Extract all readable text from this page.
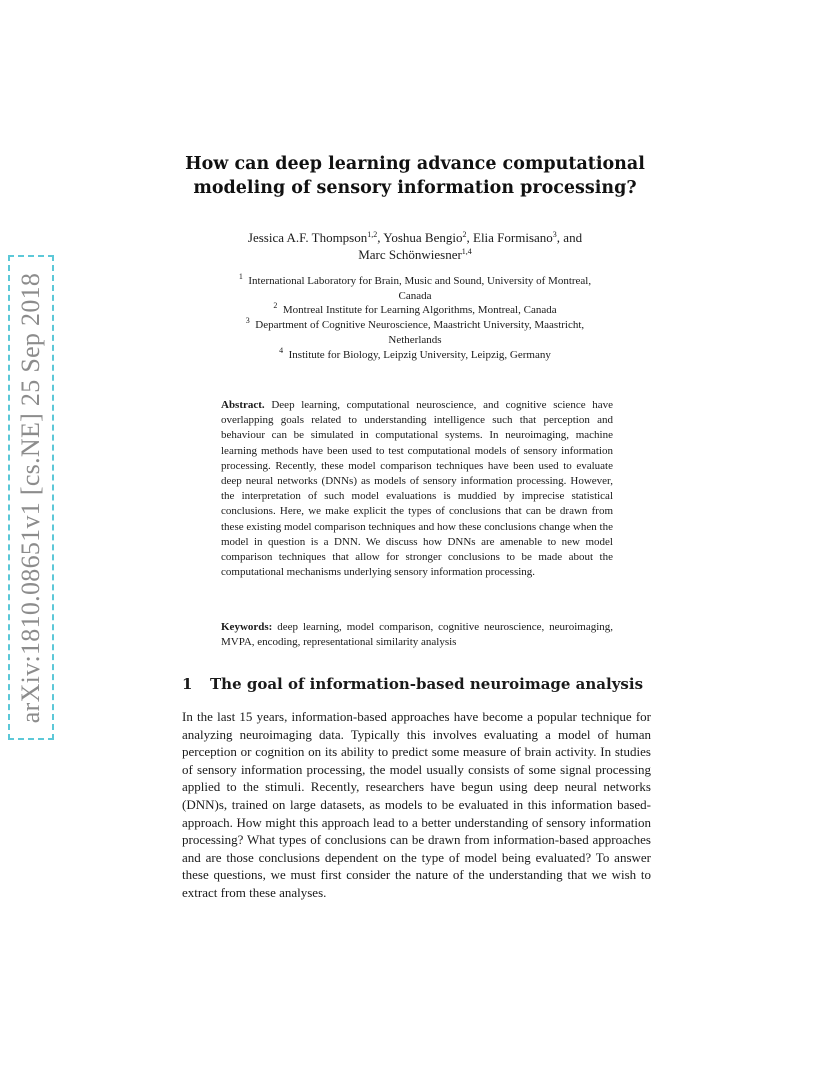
arXiv:1810.08651v1 [cs.NE] 25 Sep 2018
How can deep learning advance computational
modeling of sensory information processing?
Jessica A.F. Thompson$^{1,2}$, Yoshua Bengio$^2$, Elia Formisano$^3$, and
Marc Schönwiesner$^{1,4}$
$^1$ International Laboratory for Brain, Music and Sound, University of Montreal,
Canada
$^2$ Montreal Institute for Learning Algorithms, Montreal, Canada
$^3$ Department of Cognitive Neuroscience, Maastricht University, Maastricht,
Netherlands
$^4$ Institute for Biology, Leipzig University, Leipzig, Germany
Abstract. Deep learning, computational neuroscience, and cognitive science have overlapping goals related to understanding intelligence such that perception and behaviour can be simulated in computational systems. In neuroimaging, machine learning methods have been used to test computational models of sensory information processing. Recently, these model comparison techniques have been used to evaluate deep neural networks (DNNs) as models of sensory information processing. However, the interpretation of such model evaluations is muddied by imprecise statistical conclusions. Here, we make explicit the types of conclusions that can be drawn from these existing model comparison techniques and how these conclusions change when the model in question is a DNN. We discuss how DNNs are amenable to new model comparison techniques that allow for stronger conclusions to be made about the computational mechanisms underlying sensory information processing.
Keywords: deep learning, model comparison, cognitive neuroscience, neuroimaging, MVPA, encoding, representational similarity analysis
1 The goal of information-based neuroimage analysis
In the last 15 years, information-based approaches have become a popular technique for analyzing neuroimaging data. Typically this involves evaluating a model of human perception or cognition on its ability to predict some measure of brain activity. In studies of sensory information processing, the model usually consists of some signal processing applied to the stimuli. Recently, researchers have begun using deep neural networks (DNN)s, trained on large datasets, as models to be evaluated in this information based-approach. How might this approach lead to a better understanding of sensory information processing? What types of conclusions can be drawn from information-based approaches and are those conclusions dependent on the type of model being evaluated? To answer these questions, we must first consider the nature of the understanding that we wish to extract from these analyses.
